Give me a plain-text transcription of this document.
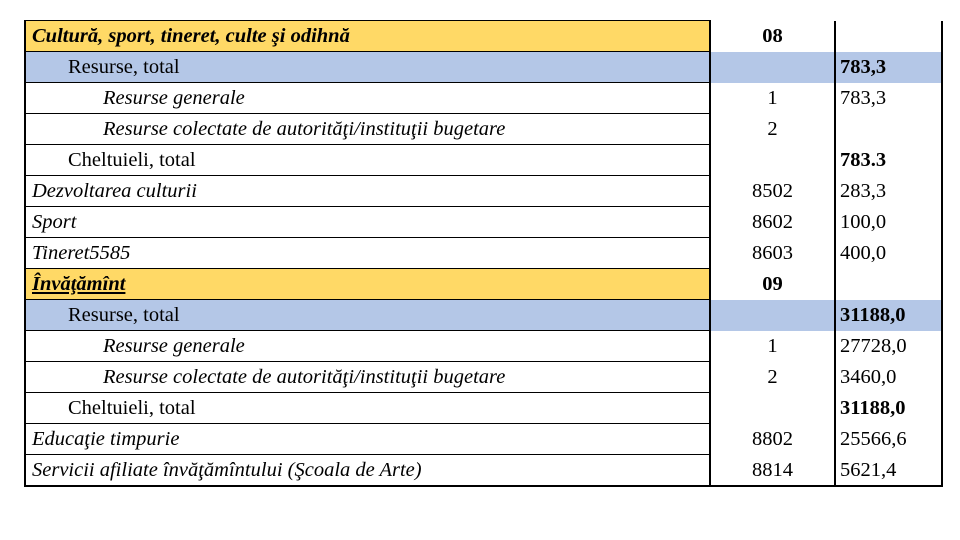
Cultură, sport, tineret, culte şi odihnă	08	
Resurse, total		783,3
Resurse generale	1	783,3
Resurse colectate de autorităţi/instituţii bugetare	2	
Cheltuieli, total		783.3
Dezvoltarea culturii	8502	283,3
Sport	8602	100,0
Tineret5585	8603	400,0
Învăţămînt	09	
Resurse, total		31188,0
Resurse generale	1	27728,0
Resurse colectate de autorităţi/instituţii bugetare	2	3460,0
Cheltuieli, total		31188,0
Educaţie timpurie	8802	25566,6
Servicii afiliate învăţămîntului (Şcoala de Arte)	8814	5621,4
